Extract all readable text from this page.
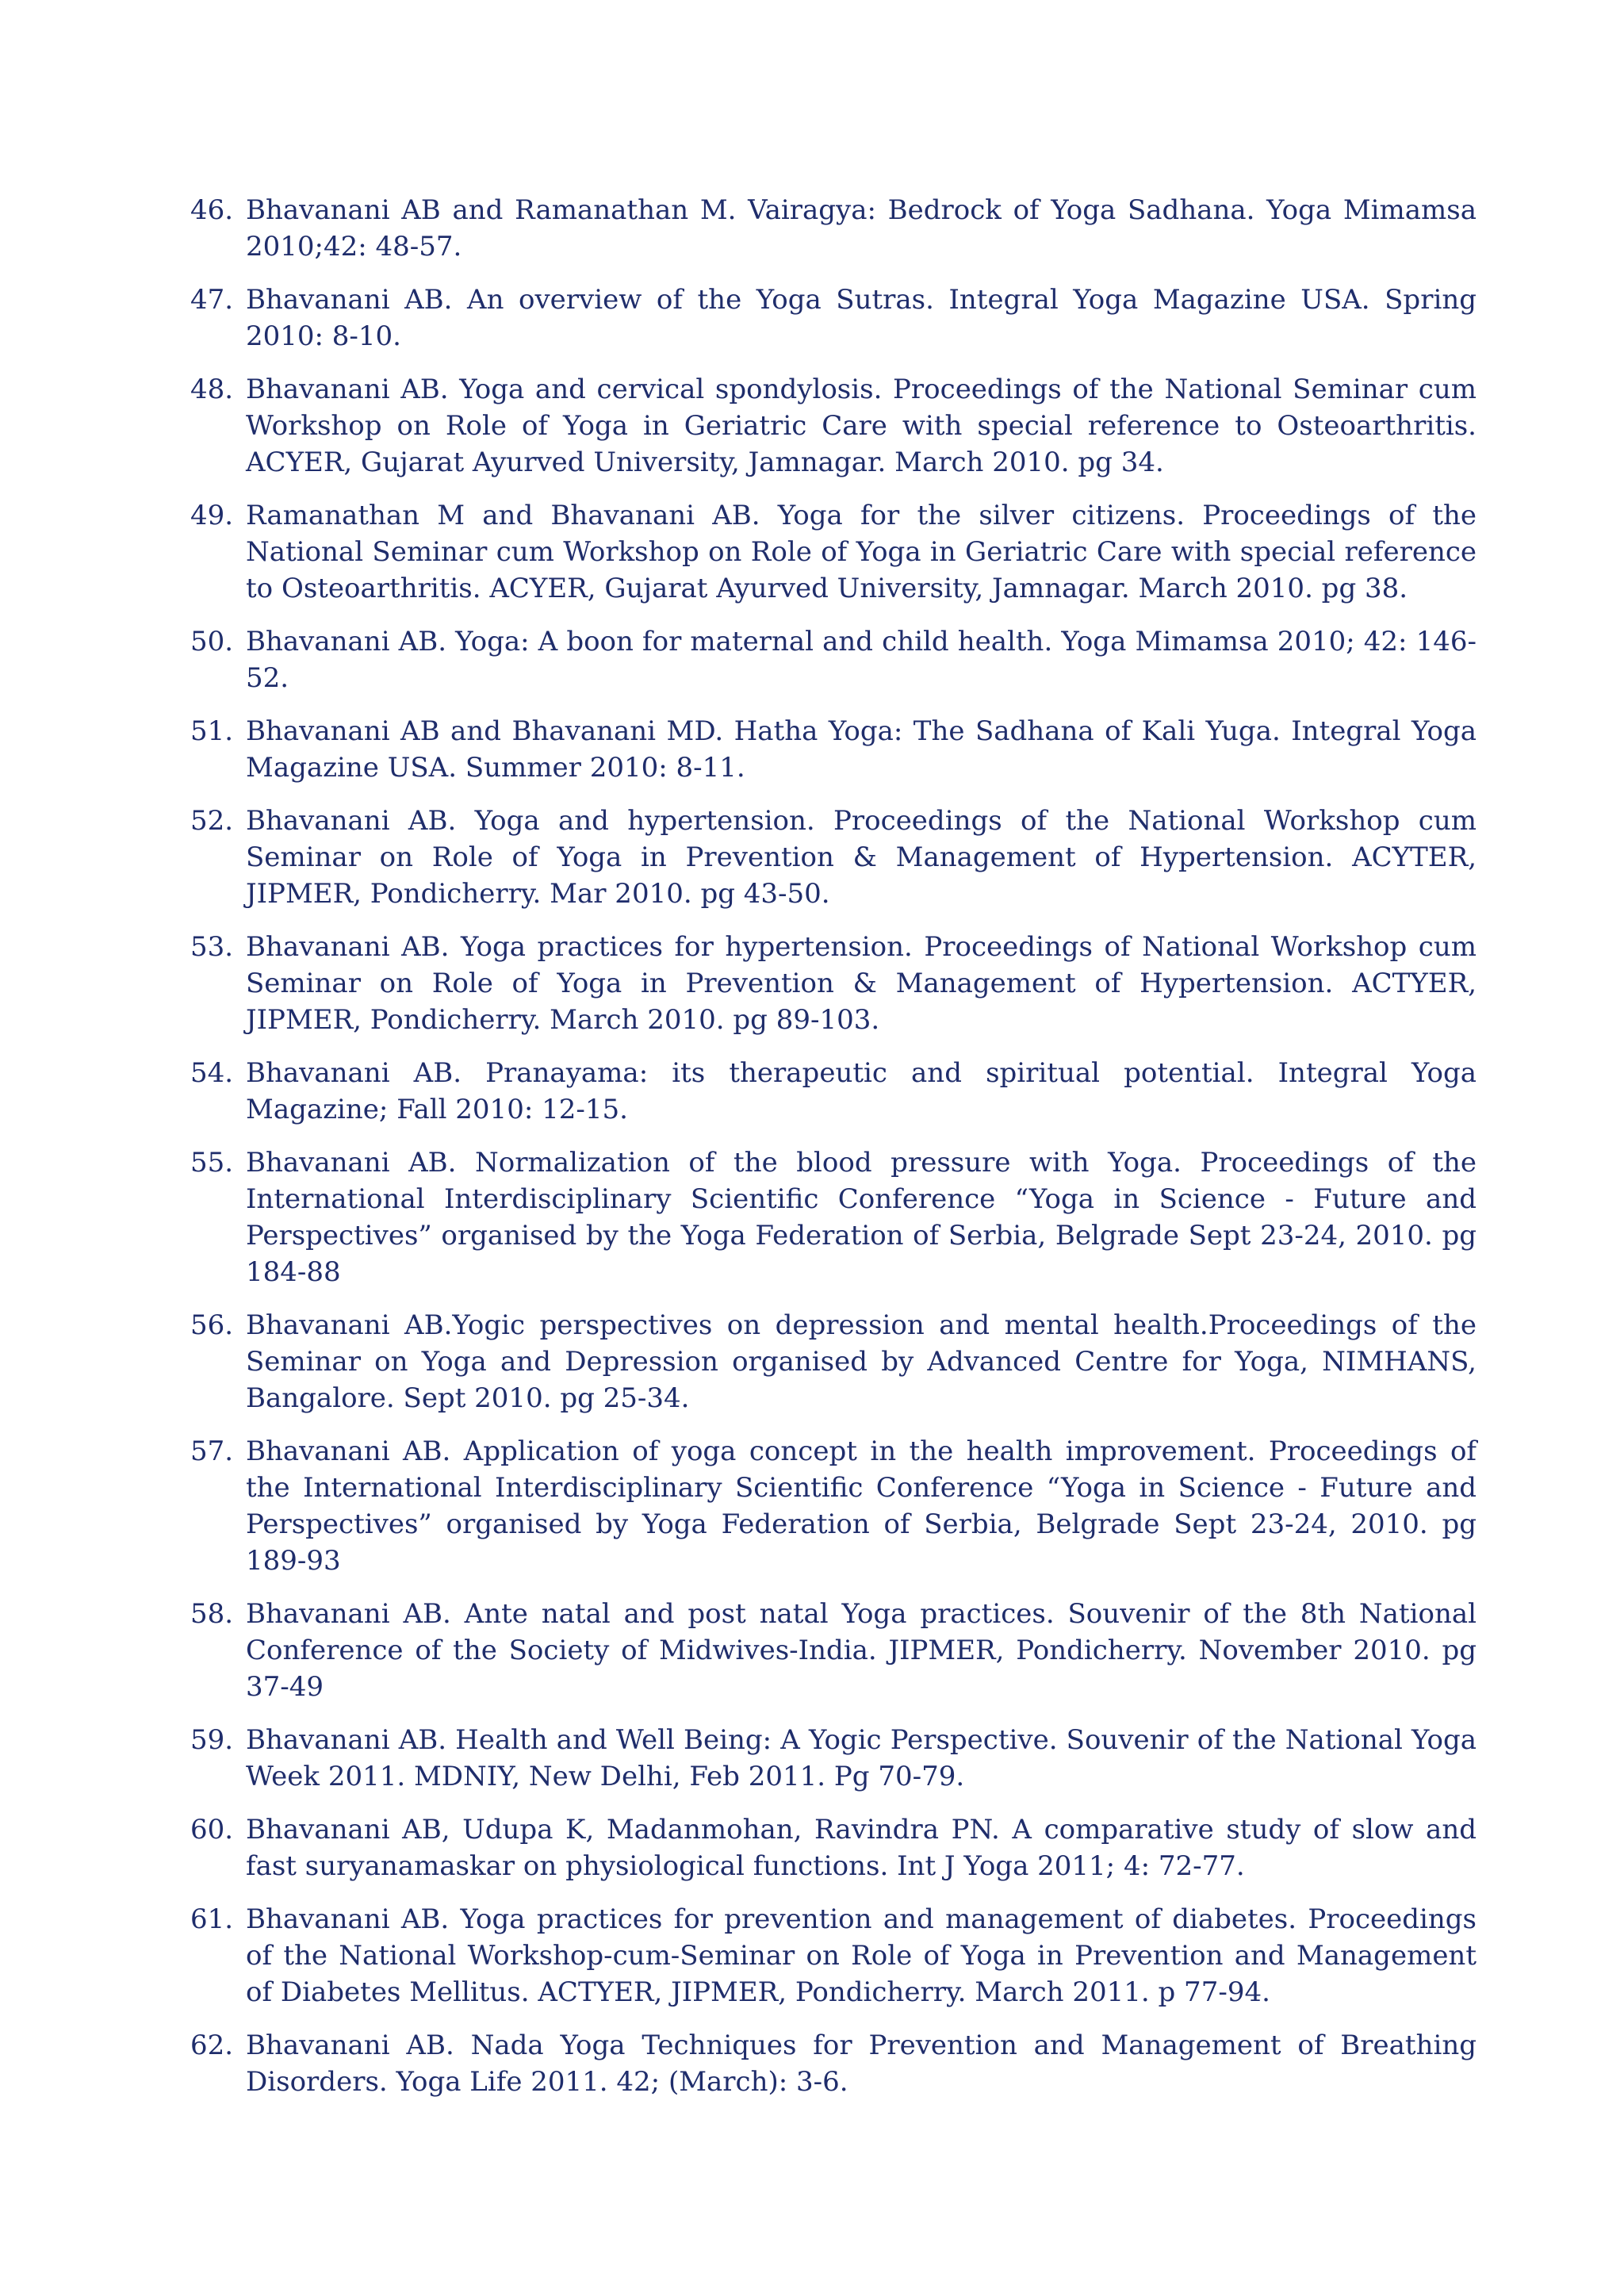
46. Bhavanani AB and Ramanathan M. Vairagya: Bedrock of Yoga Sadhana. Yoga Mimamsa 2010;42: 48-57.
47. Bhavanani AB. An overview of the Yoga Sutras. Integral Yoga Magazine USA. Spring 2010: 8-10.
48. Bhavanani AB. Yoga and cervical spondylosis. Proceedings of the National Seminar cum Workshop on Role of Yoga in Geriatric Care with special reference to Osteoarthritis. ACYER, Gujarat Ayurved University, Jamnagar. March 2010. pg 34.
49. Ramanathan M and Bhavanani AB. Yoga for the silver citizens. Proceedings of the National Seminar cum Workshop on Role of Yoga in Geriatric Care with special reference to Osteoarthritis. ACYER, Gujarat Ayurved University, Jamnagar. March 2010. pg 38.
50. Bhavanani AB. Yoga: A boon for maternal and child health. Yoga Mimamsa 2010; 42: 146-52.
51. Bhavanani AB and Bhavanani MD. Hatha Yoga: The Sadhana of Kali Yuga. Integral Yoga Magazine USA. Summer 2010: 8-11.
52. Bhavanani AB. Yoga and hypertension. Proceedings of the National Workshop cum Seminar on Role of Yoga in Prevention & Management of Hypertension. ACYTER, JIPMER, Pondicherry. Mar 2010. pg 43-50.
53. Bhavanani AB. Yoga practices for hypertension. Proceedings of National Workshop cum Seminar on Role of Yoga in Prevention & Management of Hypertension. ACTYER, JIPMER, Pondicherry. March 2010. pg 89-103.
54. Bhavanani AB. Pranayama: its therapeutic and spiritual potential. Integral Yoga Magazine; Fall 2010: 12-15.
55. Bhavanani AB. Normalization of the blood pressure with Yoga. Proceedings of the International Interdisciplinary Scientific Conference “Yoga in Science - Future and Perspectives” organised by the Yoga Federation of Serbia, Belgrade Sept 23-24, 2010. pg 184-88
56. Bhavanani AB.Yogic perspectives on depression and mental health.Proceedings of the Seminar on Yoga and Depression organised by Advanced Centre for Yoga, NIMHANS, Bangalore. Sept 2010. pg 25-34.
57. Bhavanani AB. Application of yoga concept in the health improvement. Proceedings of the International Interdisciplinary Scientific Conference “Yoga in Science - Future and Perspectives” organised by Yoga Federation of Serbia, Belgrade Sept 23-24, 2010. pg 189-93
58. Bhavanani AB. Ante natal and post natal Yoga practices. Souvenir of the 8th National Conference of the Society of Midwives-India. JIPMER, Pondicherry. November 2010. pg 37-49
59. Bhavanani AB. Health and Well Being: A Yogic Perspective. Souvenir of the National Yoga Week 2011. MDNIY, New Delhi, Feb 2011. Pg 70-79.
60. Bhavanani AB, Udupa K, Madanmohan, Ravindra PN. A comparative study of slow and fast suryanamaskar on physiological functions. Int J Yoga 2011; 4: 72-77.
61. Bhavanani AB. Yoga practices for prevention and management of diabetes. Proceedings of the National Workshop-cum-Seminar on Role of Yoga in Prevention and Management of Diabetes Mellitus. ACTYER, JIPMER, Pondicherry. March 2011. p 77-94.
62. Bhavanani AB. Nada Yoga Techniques for Prevention and Management of Breathing Disorders. Yoga Life 2011. 42; (March): 3-6.
